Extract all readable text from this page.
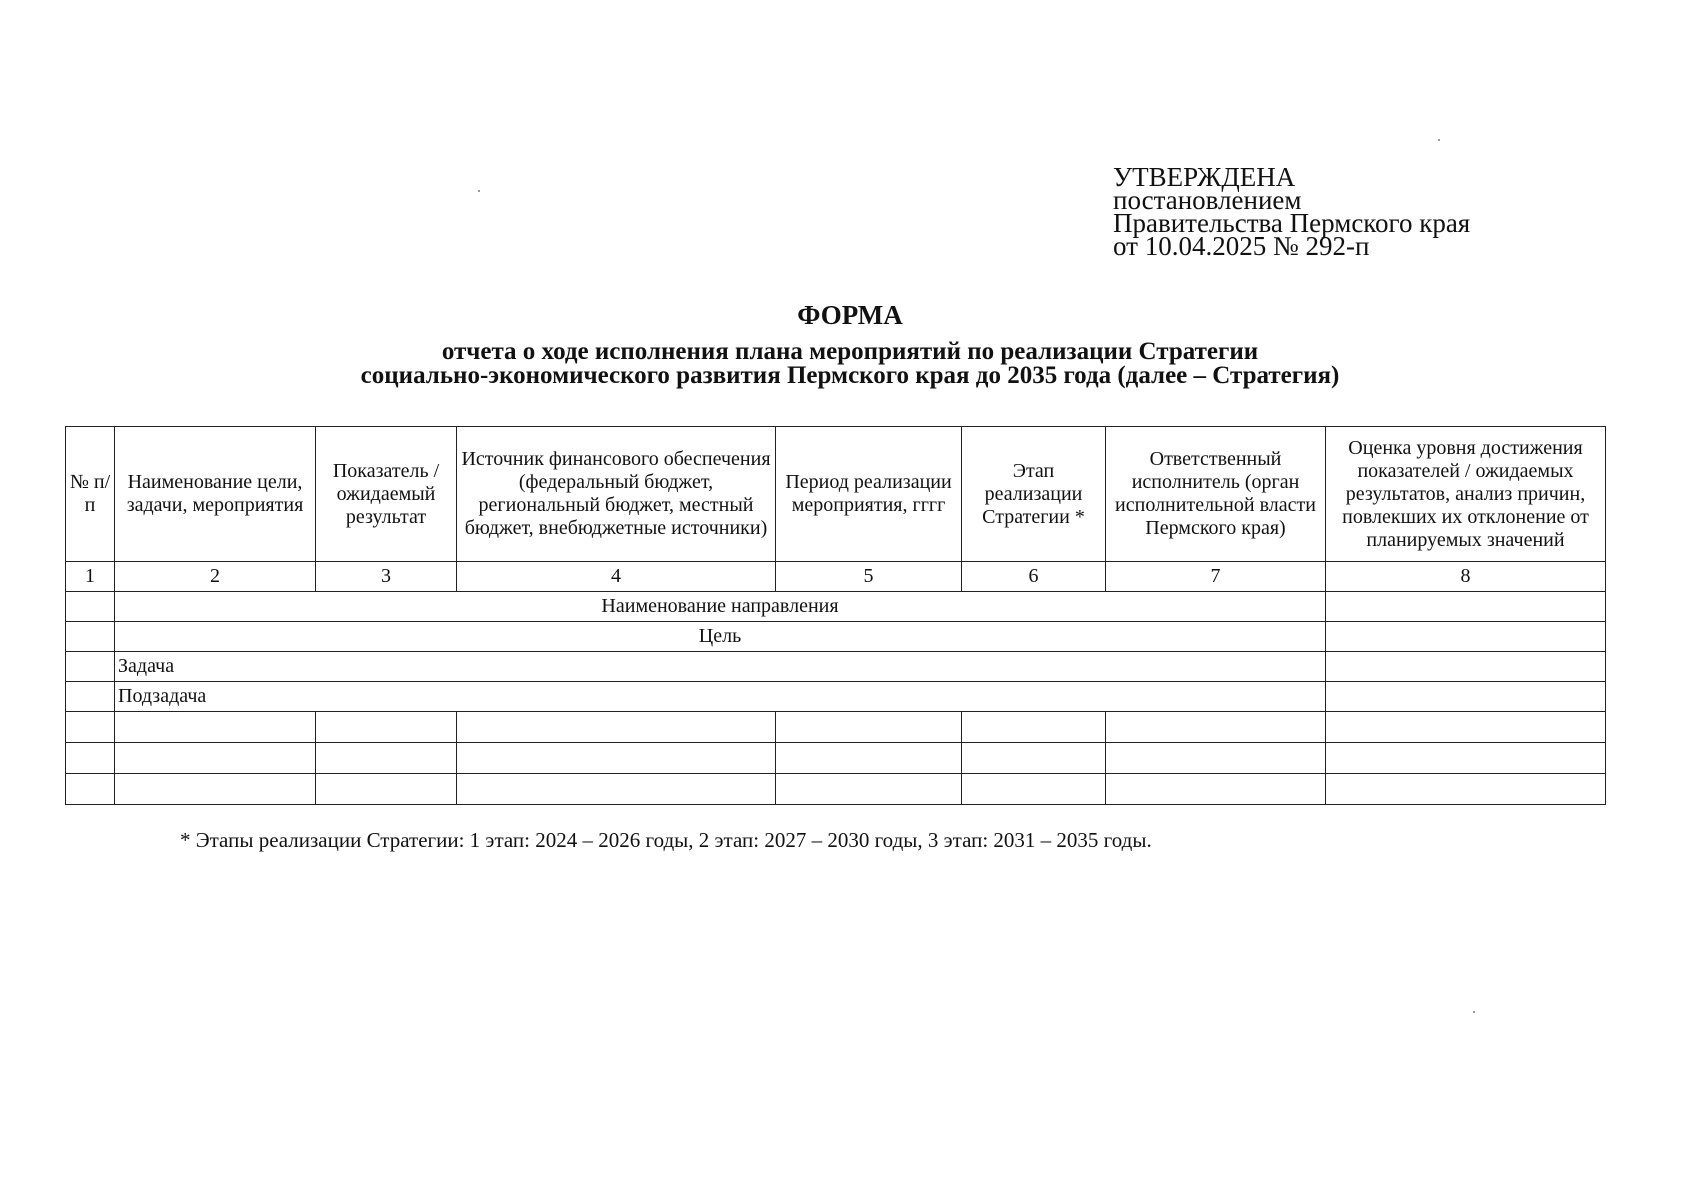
УТВЕРЖДЕНА
постановлением
Правительства Пермского края
от 10.04.2025 № 292-п
ФОРМА
отчета о ходе исполнения плана мероприятий по реализации Стратегии
социально-экономического развития Пермского края до 2035 года (далее – Стратегия)
№ п/п	Наименование цели, задачи, мероприятия	Показатель / ожидаемый результат	Источник финансового обеспечения (федеральный бюджет, региональный бюджет, местный бюджет, внебюджетные источники)	Период реализации мероприятия, гггг	Этап реализации Стратегии *	Ответственный исполнитель (орган исполнительной власти Пермского края)	Оценка уровня достижения показателей / ожидаемых результатов, анализ причин, повлекших их отклонение от планируемых значений
1	2	3	4	5	6	7	8
	Наименование направления						
	Цель						
	Задача						
	Подзадача						

* Этапы реализации Стратегии: 1 этап: 2024 – 2026 годы, 2 этап: 2027 – 2030 годы, 3 этап: 2031 – 2035 годы.
